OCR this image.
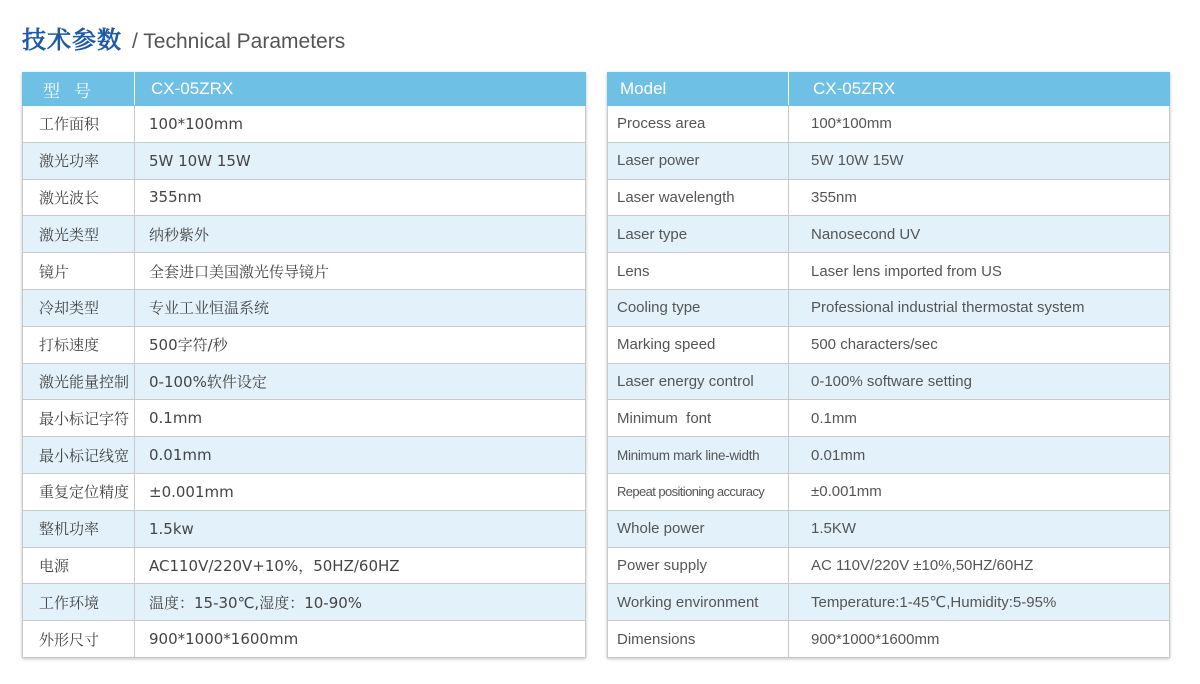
技术参数 / Technical Parameters
型号	CX-05ZRX
工作面积	100*100mm
激光功率	5W 10W 15W
激光波长	355nm
激光类型	纳秒紫外
镜片	全套进口美国激光传导镜片
冷却类型	专业工业恒温系统
打标速度	500字符/秒
激光能量控制	0-100%软件设定
最小标记字符	0.1mm
最小标记线宽	0.01mm
重复定位精度	±0.001mm
整机功率	1.5kw
电源	AC110V/220V+10%，50HZ/60HZ
工作环境	温度：15-30℃,湿度：10-90%
外形尺寸	900*1000*1600mm
Model	CX-05ZRX
Process area	100*100mm
Laser power	5W 10W 15W
Laser wavelength	355nm
Laser type	Nanosecond UV
Lens	Laser lens imported from US
Cooling type	Professional industrial thermostat system
Marking speed	500 characters/sec
Laser energy control	0-100% software setting
Minimum  font	0.1mm
Minimum mark line-width	0.01mm
Repeat positioning accuracy	±0.001mm
Whole power	1.5KW
Power supply	AC 110V/220V ±10%,50HZ/60HZ
Working environment	Temperature:1-45℃,Humidity:5-95%
Dimensions	900*1000*1600mm
